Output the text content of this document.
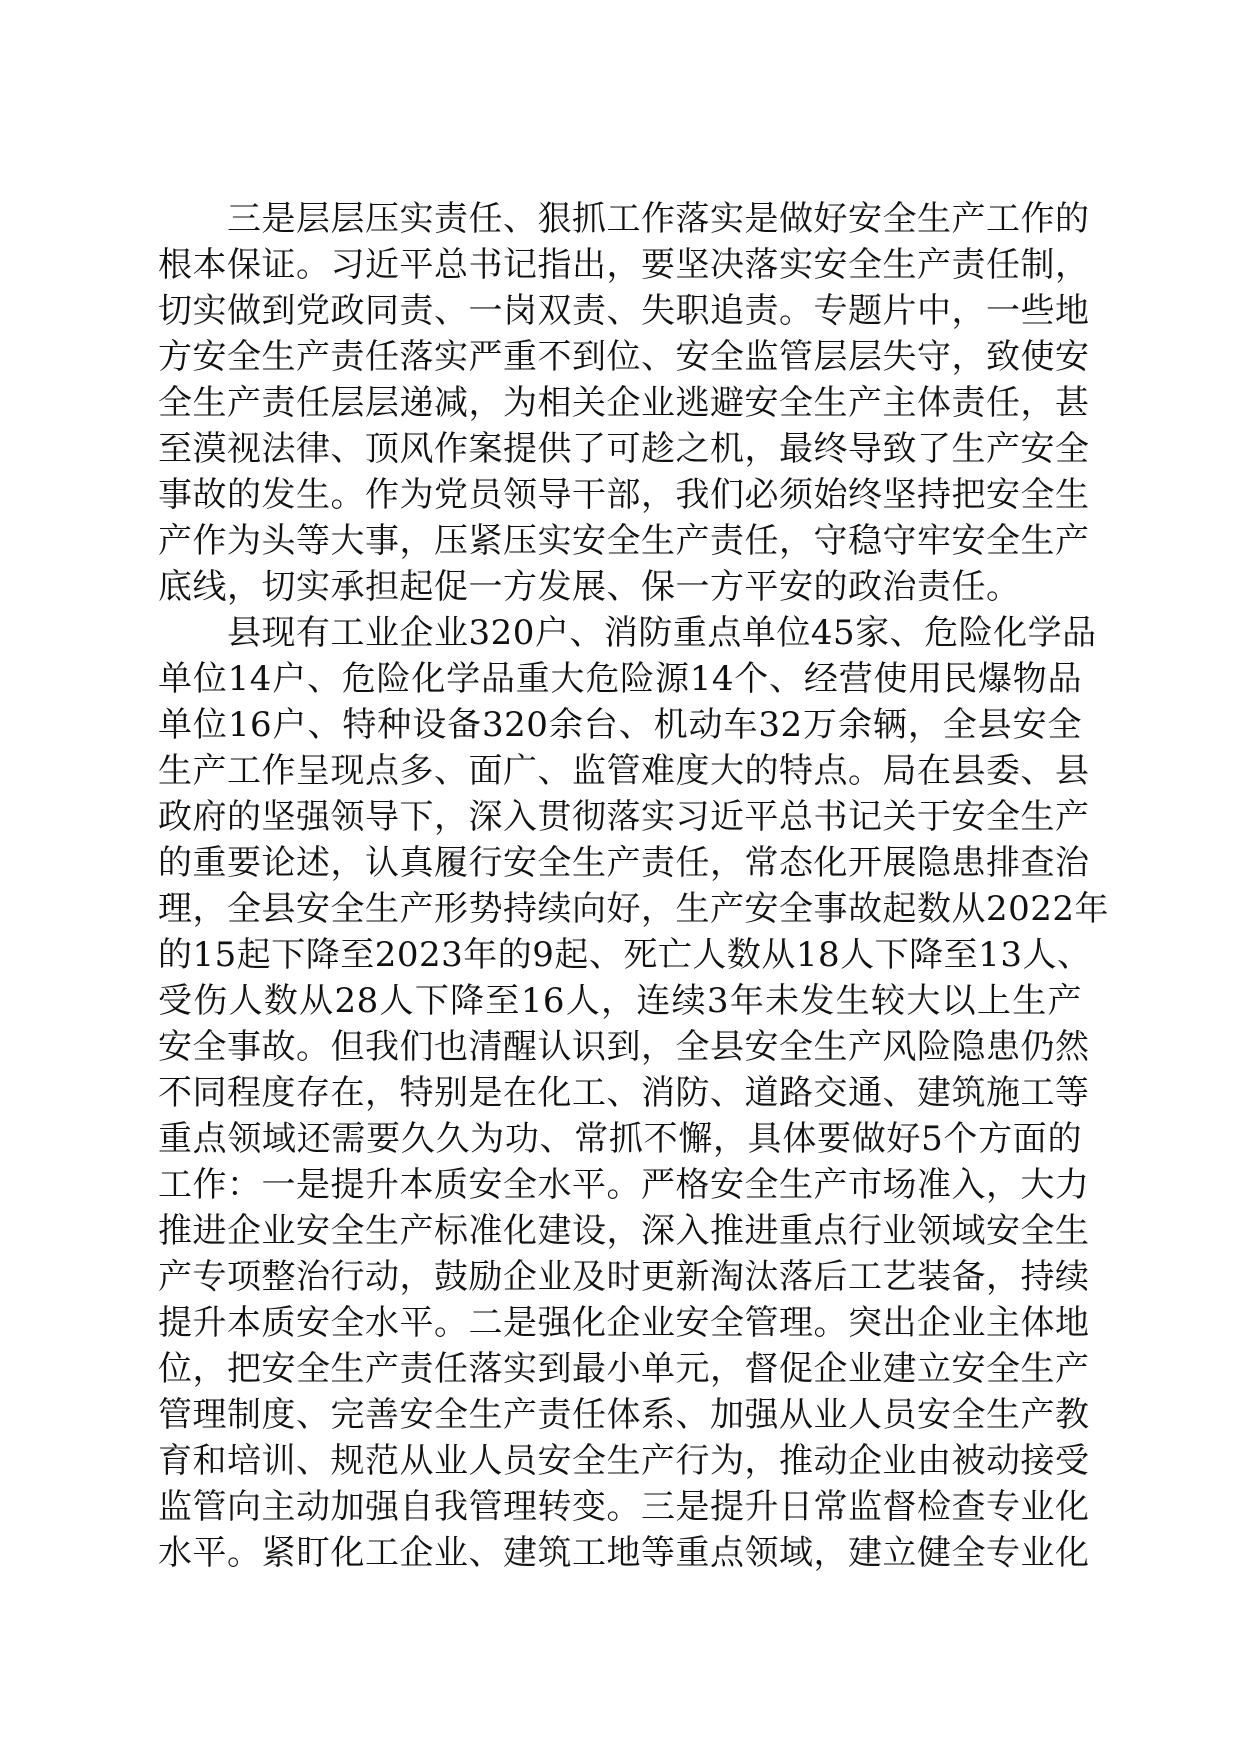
　　三是层层压实责任、狠抓工作落实是做好安全生产工作的
根本保证。习近平总书记指出，要坚决落实安全生产责任制，
切实做到党政同责、一岗双责、失职追责。专题片中，一些地
方安全生产责任落实严重不到位、安全监管层层失守，致使安
全生产责任层层递减，为相关企业逃避安全生产主体责任，甚
至漠视法律、顶风作案提供了可趁之机，最终导致了生产安全
事故的发生。作为党员领导干部，我们必须始终坚持把安全生
产作为头等大事，压紧压实安全生产责任，守稳守牢安全生产
底线，切实承担起促一方发展、保一方平安的政治责任。
　　县现有工业企业320户、消防重点单位45家、危险化学品
单位14户、危险化学品重大危险源14个、经营使用民爆物品
单位16户、特种设备320余台、机动车32万余辆，全县安全
生产工作呈现点多、面广、监管难度大的特点。局在县委、县
政府的坚强领导下，深入贯彻落实习近平总书记关于安全生产
的重要论述，认真履行安全生产责任，常态化开展隐患排查治
理，全县安全生产形势持续向好，生产安全事故起数从2022年
的15起下降至2023年的9起、死亡人数从18人下降至13人、
受伤人数从28人下降至16人，连续3年未发生较大以上生产
安全事故。但我们也清醒认识到，全县安全生产风险隐患仍然
不同程度存在，特别是在化工、消防、道路交通、建筑施工等
重点领域还需要久久为功、常抓不懈，具体要做好5个方面的
工作：一是提升本质安全水平。严格安全生产市场准入，大力
推进企业安全生产标准化建设，深入推进重点行业领域安全生
产专项整治行动，鼓励企业及时更新淘汰落后工艺装备，持续
提升本质安全水平。二是强化企业安全管理。突出企业主体地
位，把安全生产责任落实到最小单元，督促企业建立安全生产
管理制度、完善安全生产责任体系、加强从业人员安全生产教
育和培训、规范从业人员安全生产行为，推动企业由被动接受
监管向主动加强自我管理转变。三是提升日常监督检查专业化
水平。紧盯化工企业、建筑工地等重点领域，建立健全专业化
